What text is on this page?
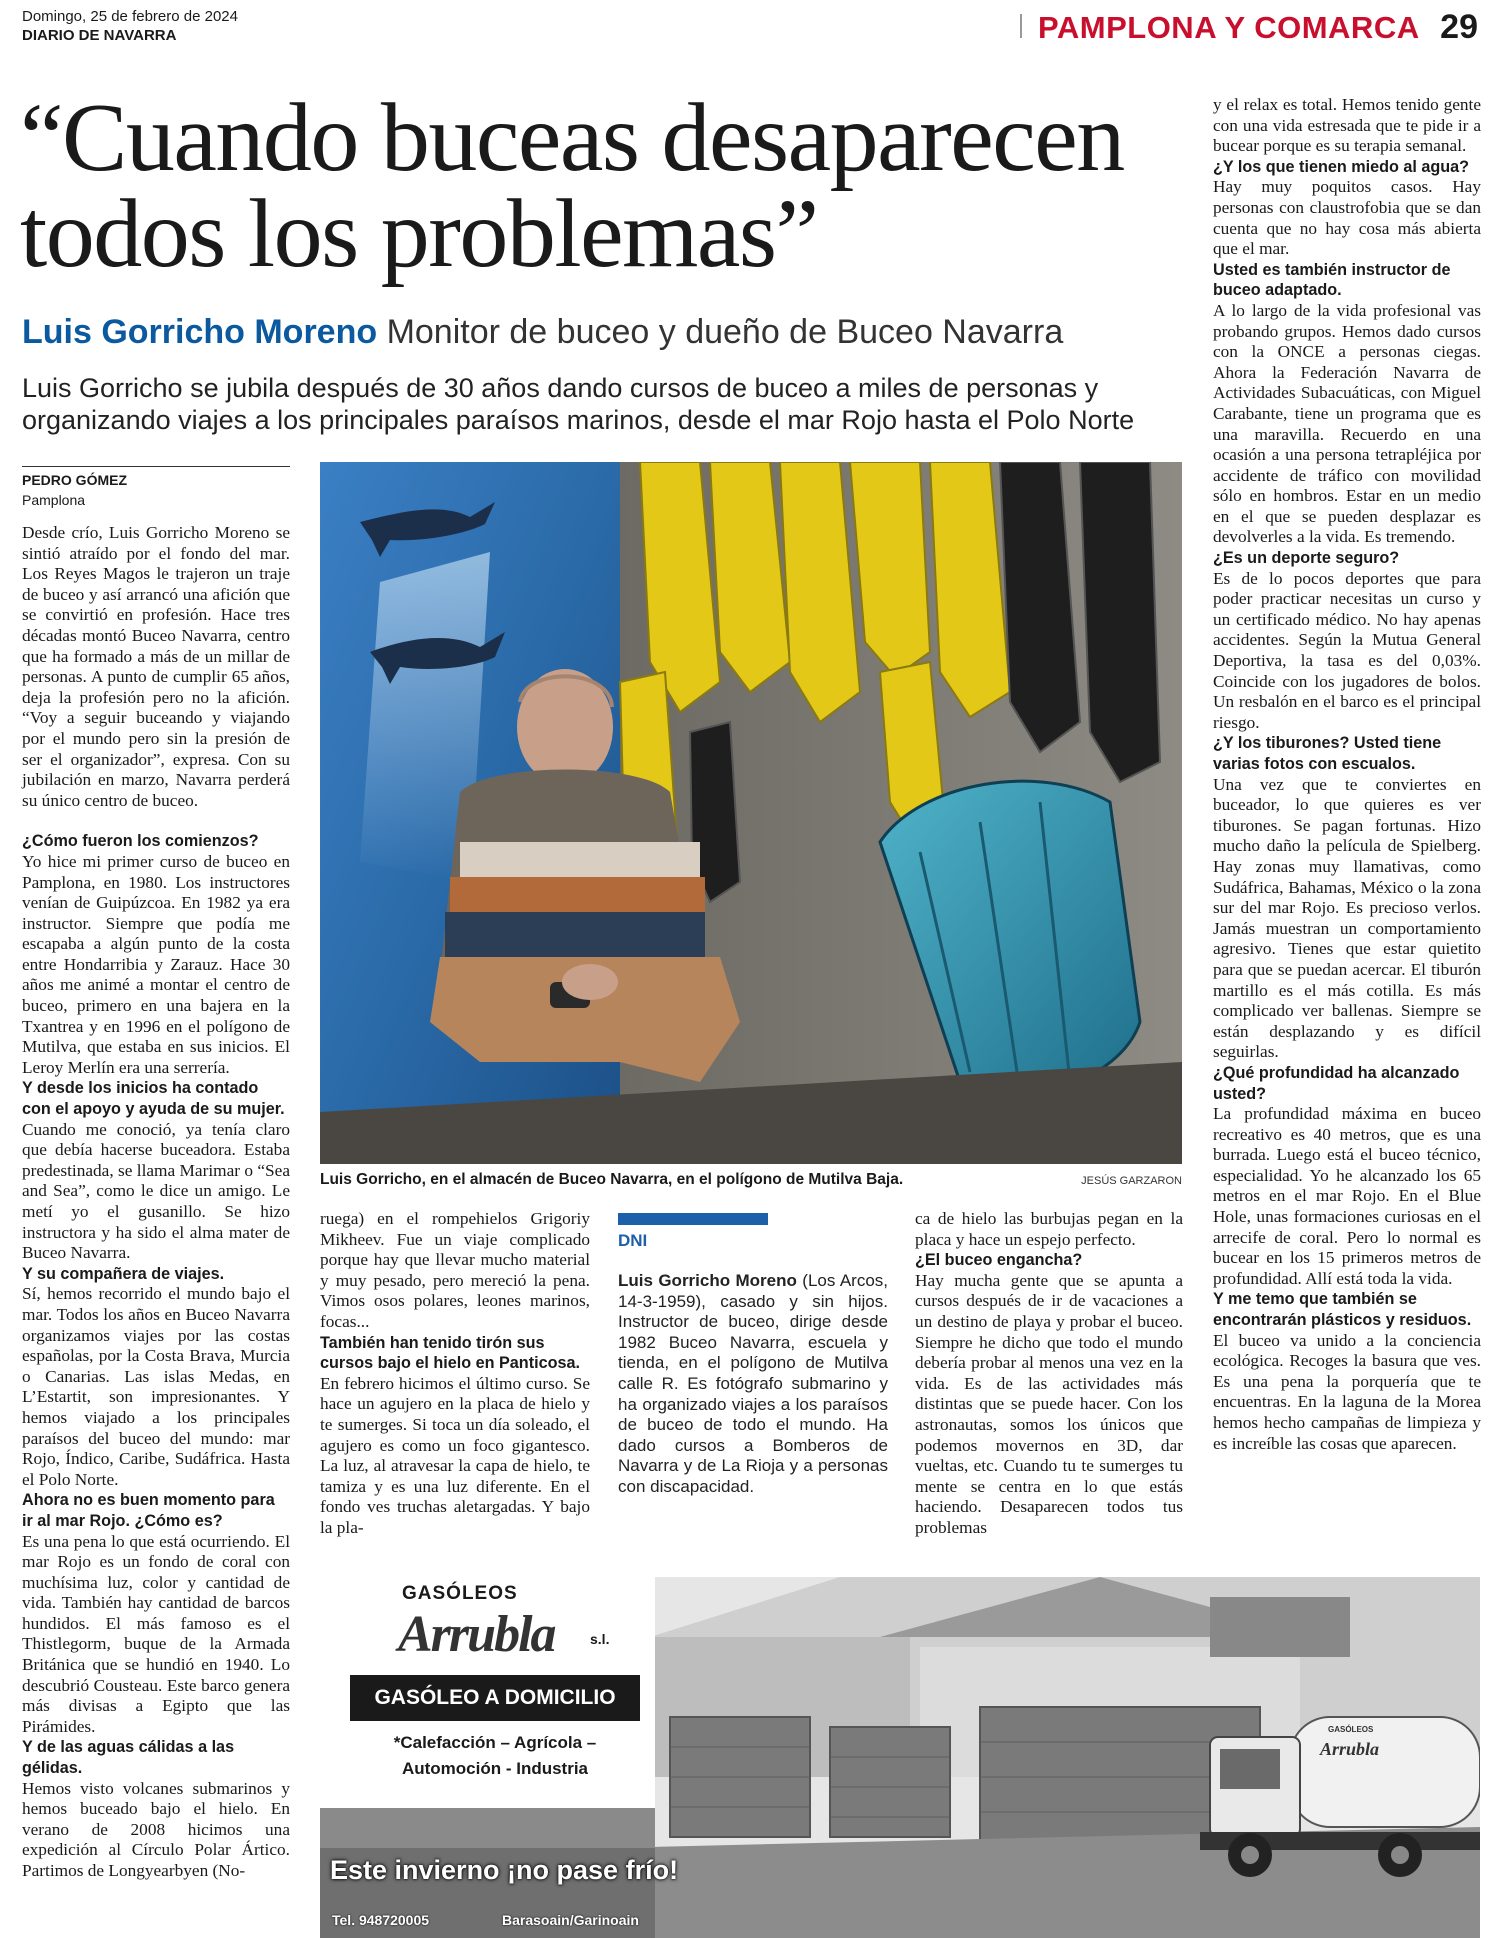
Domingo, 25 de febrero de 2024
DIARIO DE NAVARRA	PAMPLONA Y COMARCA 29
“Cuando buceas desaparecen todos los problemas”
Luis Gorricho Moreno Monitor de buceo y dueño de Buceo Navarra
Luis Gorricho se jubila después de 30 años dando cursos de buceo a miles de personas y organizando viajes a los principales paraísos marinos, desde el mar Rojo hasta el Polo Norte
PEDRO GÓMEZ
Pamplona

Desde crío, Luis Gorricho Moreno se sintió atraído por el fondo del mar. Los Reyes Magos le trajeron un traje de buceo y así arrancó una afición que se convirtió en profesión. Hace tres décadas montó Buceo Navarra, centro que ha formado a más de un millar de personas. A punto de cumplir 65 años, deja la profesión pero no la afición. “Voy a seguir buceando y viajando por el mundo pero sin la presión de ser el organizador”, expresa. Con su jubilación en marzo, Navarra perderá su único centro de buceo.

¿Cómo fueron los comienzos?

Yo hice mi primer curso de buceo en Pamplona, en 1980. Los instructores venían de Guipúzcoa. En 1982 ya era instructor. Siempre que podía me escapaba a algún punto de la costa entre Hondarribia y Zarauz. Hace 30 años me animé a montar el centro de buceo, primero en una bajera en la Txantrea y en 1996 en el polígono de Mutilva, que estaba en sus inicios. El Leroy Merlín era una serrería.

Y desde los inicios ha contado con el apoyo y ayuda de su mujer.

Cuando me conoció, ya tenía claro que debía hacerse buceadora. Estaba predestinada, se llama Marimar o “Sea and Sea”, como le dice un amigo. Le metí yo el gusanillo. Se hizo instructora y ha sido el alma mater de Buceo Navarra.

Y su compañera de viajes.

Sí, hemos recorrido el mundo bajo el mar. Todos los años en Buceo Navarra organizamos viajes por las costas españolas, por la Costa Brava, Murcia o Canarias. Las islas Medas, en L’Estartit, son impresionantes. Y hemos viajado a los principales paraísos del buceo del mundo: mar Rojo, Índico, Caribe, Sudáfrica. Hasta el Polo Norte.

Ahora no es buen momento para ir al mar Rojo. ¿Cómo es?

Es una pena lo que está ocurriendo. El mar Rojo es un fondo de coral con muchísima luz, color y cantidad de vida. También hay cantidad de barcos hundidos. El más famoso es el Thistlegorm, buque de la Armada Británica que se hundió en 1940. Lo descubrió Cousteau. Este barco genera más divisas a Egipto que las Pirámides.

Y de las aguas cálidas a las gélidas.

Hemos visto volcanes submarinos y hemos buceado bajo el hielo. En verano de 2008 hicimos una expedición al Círculo Polar Ártico. Partimos de Longyearbyen (No-

Luis Gorricho, en el almacén de Buceo Navarra, en el polígono de Mutilva Baja.	JESÚS GARZARON

ruega) en el rompehielos Grigoriy Mikheev. Fue un viaje complicado porque hay que llevar mucho material y muy pesado, pero mereció la pena. Vimos osos polares, leones marinos, focas...

También han tenido tirón sus cursos bajo el hielo en Panticosa.

En febrero hicimos el último curso. Se hace un agujero en la placa de hielo y te sumerges. Si toca un día soleado, el agujero es como un foco gigantesco. La luz, al atravesar la capa de hielo, te tamiza y es una luz diferente. En el fondo ves truchas aletargadas. Y bajo la pla-

DNI
Luis Gorricho Moreno (Los Arcos, 14-3-1959), casado y sin hijos. Instructor de buceo, dirige desde 1982 Buceo Navarra, escuela y tienda, en el polígono de Mutilva calle R. Es fotógrafo submarino y ha organizado viajes a los paraísos de buceo de todo el mundo. Ha dado cursos a Bomberos de Navarra y de La Rioja y a personas con discapacidad.

ca de hielo las burbujas pegan en la placa y hace un espejo perfecto.

¿El buceo engancha?

Hay mucha gente que se apunta a cursos después de ir de vacaciones a un destino de playa y probar el buceo. Siempre he dicho que todo el mundo debería probar al menos una vez en la vida. Es de las actividades más distintas que se puede hacer. Con los astronautas, somos los únicos que podemos movernos en 3D, dar vueltas, etc. Cuando tu te sumerges tu mente se centra en lo que estás haciendo. Desaparecen todos tus problemas

y el relax es total. Hemos tenido gente con una vida estresada que te pide ir a bucear porque es su terapia semanal.

¿Y los que tienen miedo al agua?

Hay muy poquitos casos. Hay personas con claustrofobia que se dan cuenta que no hay cosa más abierta que el mar.

Usted es también instructor de buceo adaptado.

A lo largo de la vida profesional vas probando grupos. Hemos dado cursos con la ONCE a personas ciegas. Ahora la Federación Navarra de Actividades Subacuáticas, con Miguel Carabante, tiene un programa que es una maravilla. Recuerdo en una ocasión a una persona tetrapléjica por accidente de tráfico con movilidad sólo en hombros. Estar en un medio en el que se pueden desplazar es devolverles a la vida. Es tremendo.

¿Es un deporte seguro?

Es de lo pocos deportes que para poder practicar necesitas un curso y un certificado médico. No hay apenas accidentes. Según la Mutua General Deportiva, la tasa es del 0,03%. Coincide con los jugadores de bolos. Un resbalón en el barco es el principal riesgo.

¿Y los tiburones? Usted tiene varias fotos con escualos.

Una vez que te conviertes en buceador, lo que quieres es ver tiburones. Se pagan fortunas. Hizo mucho daño la película de Spielberg. Hay zonas muy llamativas, como Sudáfrica, Bahamas, México o la zona sur del mar Rojo. Es precioso verlos. Jamás muestran un comportamiento agresivo. Tienes que estar quietito para que se puedan acercar. El tiburón martillo es el más cotilla. Es más complicado ver ballenas. Siempre se están desplazando y es difícil seguirlas.

¿Qué profundidad ha alcanzado usted?

La profundidad máxima en buceo recreativo es 40 metros, que es una burrada. Luego está el buceo técnico, especialidad. Yo he alcanzado los 65 metros en el mar Rojo. En el Blue Hole, unas formaciones curiosas en el arrecife de coral. Pero lo normal es bucear en los 15 primeros metros de profundidad. Allí está toda la vida.

Y me temo que también se encontrarán plásticos y residuos.

El buceo va unido a la conciencia ecológica. Recoges la basura que ves. Es una pena la porquería que te encuentras. En la laguna de la Morea hemos hecho campañas de limpieza y es increíble las cosas que aparecen.

GASÓLEOS
Arrubla	s.l.
GASÓLEO A DOMICILIO
*Calefacción – Agrícola –
Automoción - Industria
Este invierno ¡no pase frío!
Tel. 948720005	Barasoain/Garinoain
GASÓLEOS
Arrubla
